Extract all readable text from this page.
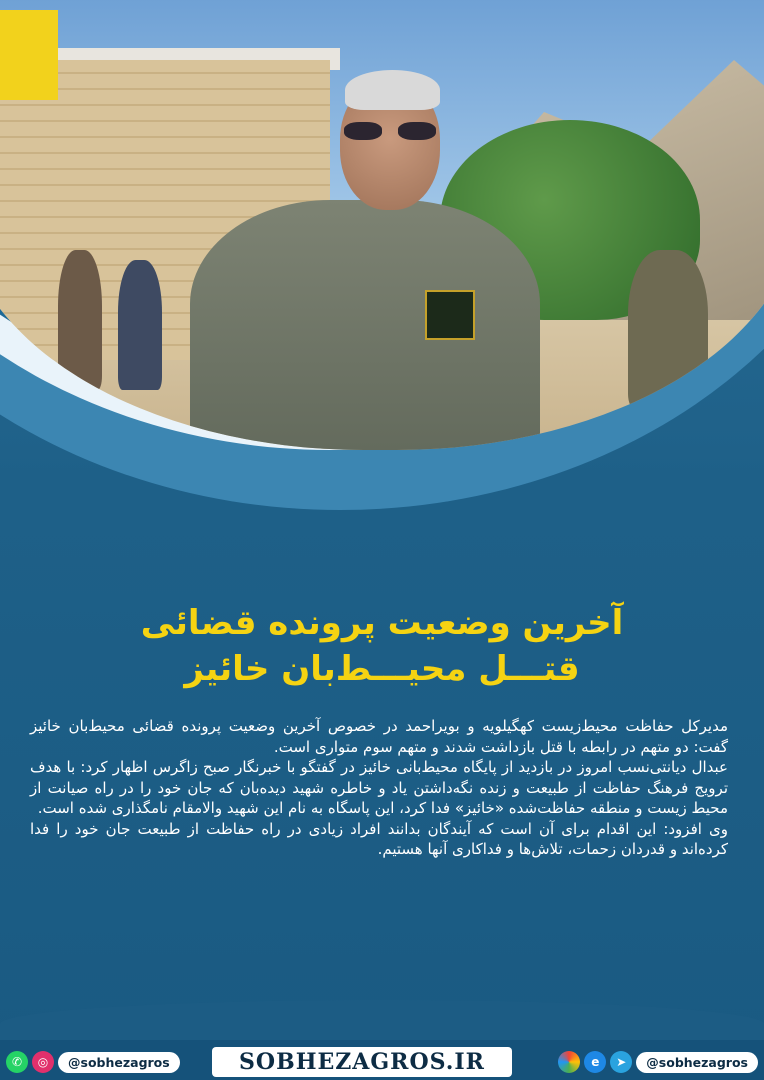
آخرین وضعیت پرونده قضائی
قتـــل محیـــط‌بان خائیز

مدیرکل حفاظت محیط‌زیست کهگیلویه و بویراحمد در خصوص آخرین وضعیت پرونده قضائی محیط‌بان خائیز گفت: دو متهم در رابطه با قتل بازداشت شدند و متهم سوم متواری است.

عبدال دیانتی‌نسب امروز در بازدید از پایگاه محیط‌بانی خائیز در گفتگو با خبرنگار صبح زاگرس اظهار کرد: با هدف ترویج فرهنگ حفاظت از طبیعت و زنده نگه‌داشتن یاد و خاطره شهید دیده‌بان که جان خود را در راه صیانت از محیط زیست و منطقه حفاظت‌شده «خائیز» فدا کرد، این پاسگاه به نام این شهید والامقام نامگذاری شده است.

وی افزود: این اقدام برای آن است که آیندگان بدانند افراد زیادی در راه حفاظت از طبیعت جان خود را فدا کرده‌اند و قدردان زحمات، تلاش‌ها و فداکاری آنها هستیم.

✆	◎	@sobhezagros	SOBHEZAGROS.IR	e	➤	@sobhezagros
